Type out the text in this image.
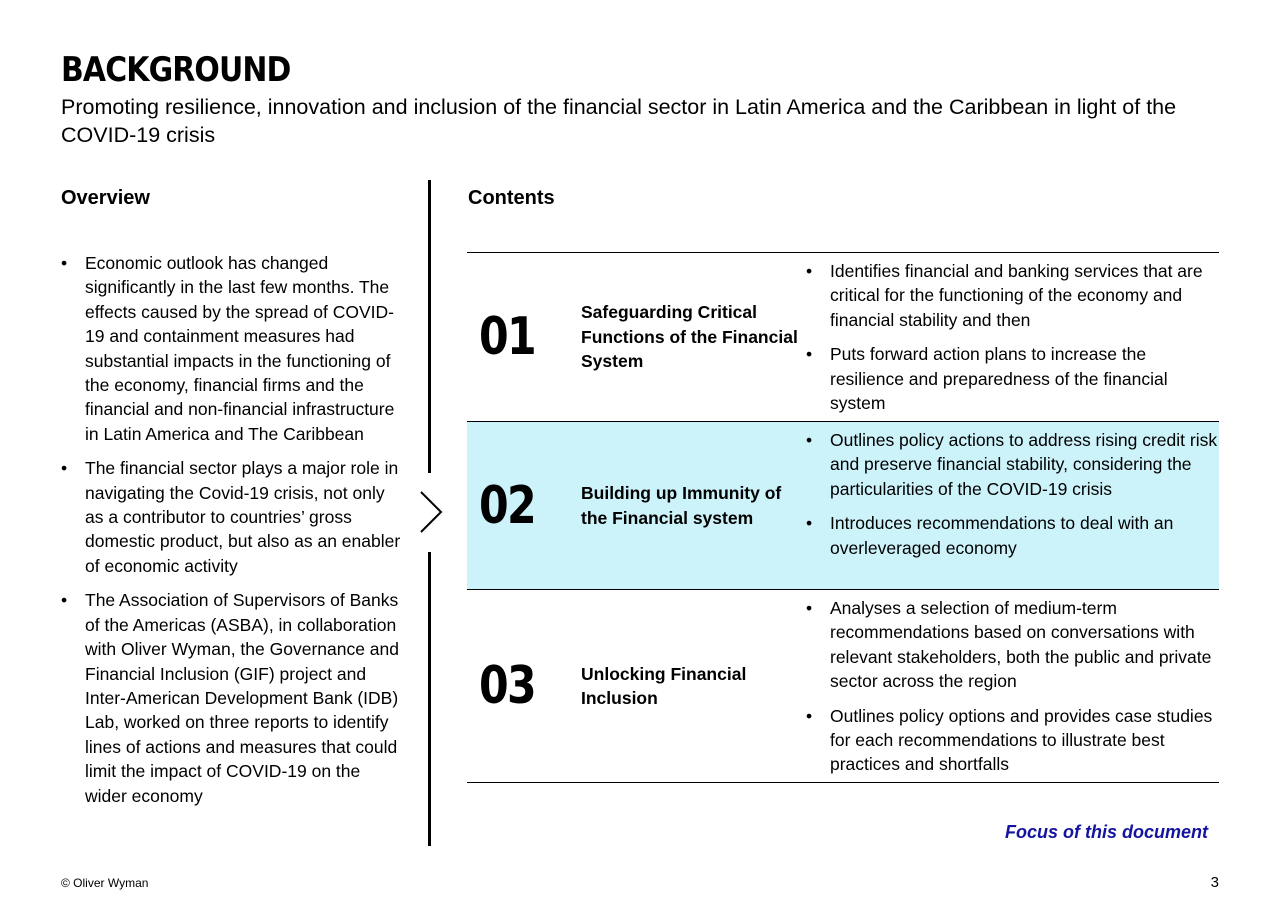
BACKGROUND

Promoting resilience, innovation and inclusion of the financial sector in Latin America and the Caribbean in light of the COVID-19 crisis

Overview
• Economic outlook has changed significantly in the last few months. The effects caused by the spread of COVID-19 and containment measures had substantial impacts in the functioning of the economy, financial firms and the financial and non-financial infrastructure in Latin America and The Caribbean
• The financial sector plays a major role in navigating the Covid-19 crisis, not only as a contributor to countries’ gross domestic product, but also as an enabler of economic activity
• The Association of Supervisors of Banks of the Americas (ASBA), in collaboration with Oliver Wyman, the Governance and Financial Inclusion (GIF) project and Inter-American Development Bank (IDB) Lab, worked on three reports to identify lines of actions and measures that could limit the impact of COVID-19 on the wider economy
Contents
01	Safeguarding Critical Functions of the Financial System
• Identifies financial and banking services that are critical for the functioning of the economy and financial stability and then
• Puts forward action plans to increase the resilience and preparedness of the financial system
02	Building up Immunity of the Financial system
• Outlines policy actions to address rising credit risk and preserve financial stability, considering the particularities of the COVID-19 crisis
• Introduces recommendations to deal with an overleveraged economy
03	Unlocking Financial Inclusion
• Analyses a selection of medium-term recommendations based on conversations with relevant stakeholders, both the public and private sector across the region
• Outlines policy options and provides case studies for each recommendations to illustrate best practices and shortfalls
Focus of this document
© Oliver Wyman	3
